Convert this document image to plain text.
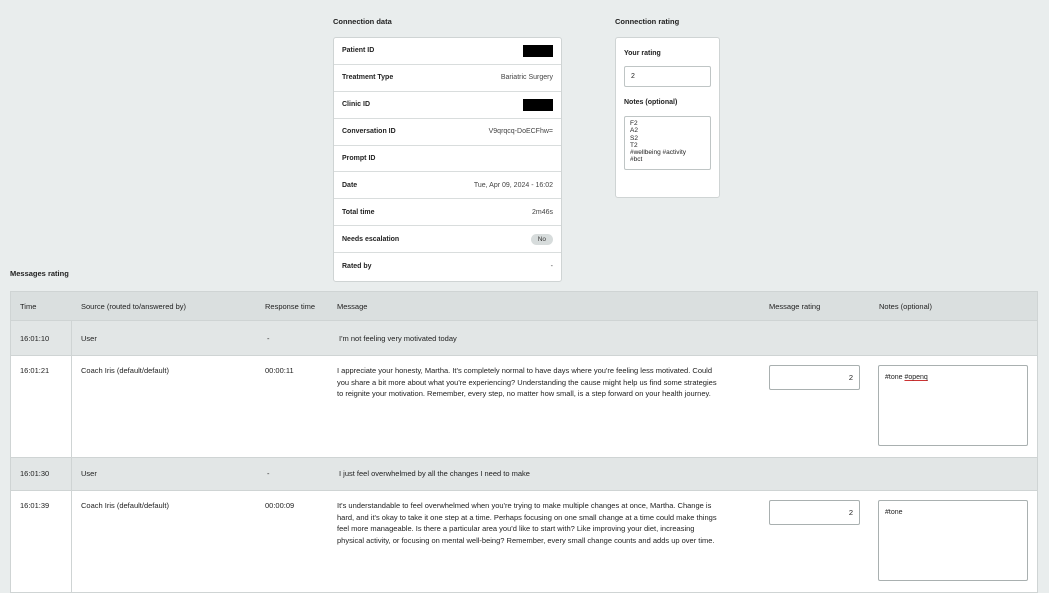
Connection data	Connection rating
Patient ID
Treatment Type	Bariatric Surgery
Clinic ID
Conversation ID	V9qrqcq-DoECFhw=
Prompt ID
Date	Tue, Apr 09, 2024 - 16:02
Total time	2m46s
Needs escalation	No
Rated by	-
Your rating
2
Notes (optional)
F2
A2
S2
T2
#wellbeing #activity
#bct
Messages rating
Time	Source (routed to/answered by)	Response time	Message	Message rating	Notes (optional)
16:01:10	User	-	I'm not feeling very motivated today
16:01:21	Coach Iris (default/default)	00:00:11	I appreciate your honesty, Martha. It's completely normal to have days where you're feeling less motivated. Could
you share a bit more about what you're experiencing? Understanding the cause might help us find some strategies
to reignite your motivation. Remember, every step, no matter how small, is a step forward on your health journey.
2	#tone #openq
16:01:30	User	-	I just feel overwhelmed by all the changes I need to make
16:01:39	Coach Iris (default/default)	00:00:09	It's understandable to feel overwhelmed when you're trying to make multiple changes at once, Martha. Change is
hard, and it's okay to take it one step at a time. Perhaps focusing on one small change at a time could make things
feel more manageable. Is there a particular area you'd like to start with? Like improving your diet, increasing
physical activity, or focusing on mental well-being? Remember, every small change counts and adds up over time.
2	#tone
